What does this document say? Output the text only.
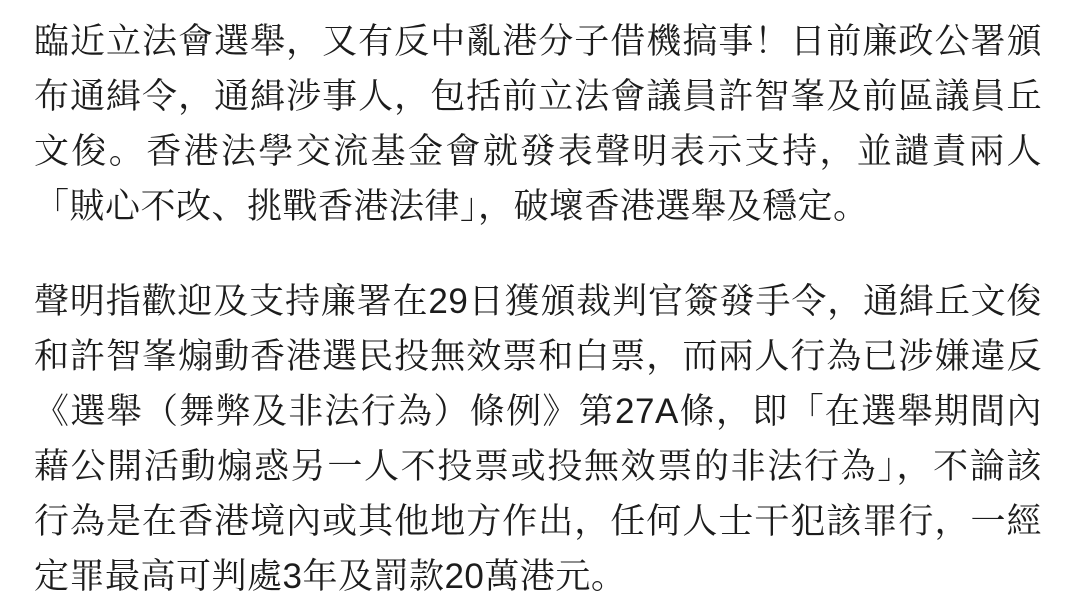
臨近立法會選舉，又有反中亂港分子借機搞事！日前廉政公署頒布通緝令，通緝涉事人，包括前立法會議員許智峯及前區議員丘文俊。香港法學交流基金會就發表聲明表示支持，並譴責兩人「賊心不改、挑戰香港法律」，破壞香港選舉及穩定。

聲明指歡迎及支持廉署在29日獲頒裁判官簽發手令，通緝丘文俊和許智峯煽動香港選民投無效票和白票，而兩人行為已涉嫌違反《選舉（舞弊及非法行為）條例》第27A條，即「在選舉期間內藉公開活動煽惑另一人不投票或投無效票的非法行為」，不論該行為是在香港境內或其他地方作出，任何人士干犯該罪行，一經定罪最高可判處3年及罰款20萬港元。
